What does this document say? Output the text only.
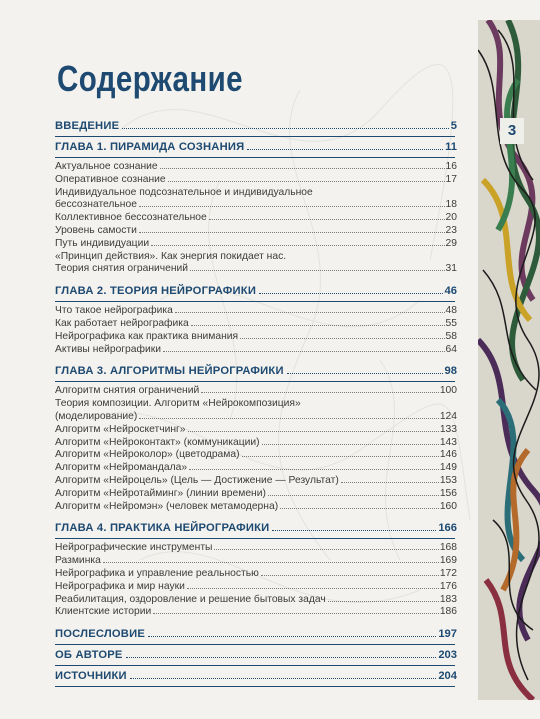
3
Содержание
ВВЕДЕНИЕ	5
ГЛАВА 1. ПИРАМИДА СОЗНАНИЯ	11
Актуальное сознание	16
Оперативное сознание	17
Индивидуальное подсознательное и индивидуальное
бессознательное	18
Коллективное бессознательное	20
Уровень самости	23
Путь индивидуации	29
«Принцип действия». Как энергия покидает нас.
Теория снятия ограничений	31
ГЛАВА 2. ТЕОРИЯ НЕЙРОГРАФИКИ	46
Что такое нейрографика	48
Как работает нейрографика	55
Нейрографика как практика внимания	58
Активы нейрографики	64
ГЛАВА 3. АЛГОРИТМЫ НЕЙРОГРАФИКИ	98
Алгоритм снятия ограничений	100
Теория композиции. Алгоритм «Нейрокомпозиция»
(моделирование)	124
Алгоритм «Нейроскетчинг»	133
Алгоритм «Нейроконтакт» (коммуникации)	143
Алгоритм «Нейроколор» (цветодрама)	146
Алгоритм «Нейромандала»	149
Алгоритм «Нейроцель» (Цель — Достижение — Результат)	153
Алгоритм «Нейротайминг» (линии времени)	156
Алгоритм «Нейромэн» (человек метамодерна)	160
ГЛАВА 4. ПРАКТИКА НЕЙРОГРАФИКИ	166
Нейрографические инструменты	168
Разминка	169
Нейрографика и управление реальностью	172
Нейрографика и мир науки	176
Реабилитация, оздоровление и решение бытовых задач	183
Клиентские истории	186
ПОСЛЕСЛОВИЕ	197
ОБ АВТОРЕ	203
ИСТОЧНИКИ	204
